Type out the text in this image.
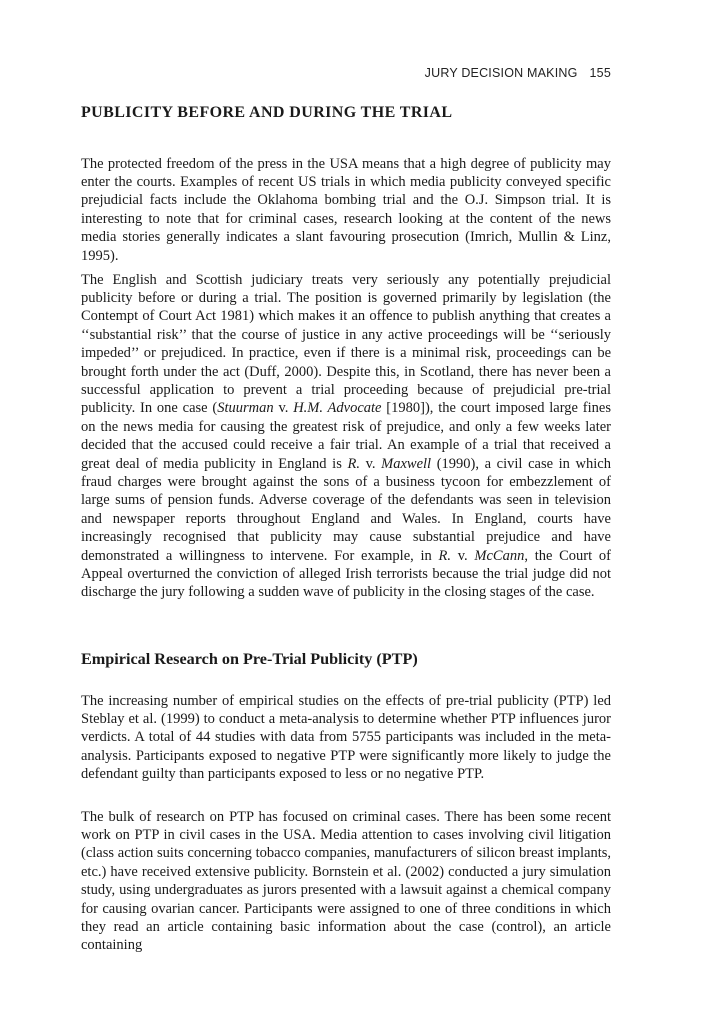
JURY DECISION MAKING 155
PUBLICITY BEFORE AND DURING THE TRIAL

The protected freedom of the press in the USA means that a high degree of publicity may enter the courts. Examples of recent US trials in which media publicity conveyed specific prejudicial facts include the Oklahoma bombing trial and the O.J. Simpson trial. It is interesting to note that for criminal cases, research looking at the content of the news media stories generally indicates a slant favouring prosecution (Imrich, Mullin & Linz, 1995).

The English and Scottish judiciary treats very seriously any potentially prejudicial publicity before or during a trial. The position is governed primarily by legislation (the Contempt of Court Act 1981) which makes it an offence to publish anything that creates a ‘‘substantial risk’’ that the course of justice in any active proceedings will be ‘‘seriously impeded’’ or prejudiced. In practice, even if there is a minimal risk, proceedings can be brought forth under the act (Duff, 2000). Despite this, in Scotland, there has never been a successful application to prevent a trial proceeding because of prejudicial pre-trial publicity. In one case (Stuurman v. H.M. Advocate [1980]), the court imposed large fines on the news media for causing the greatest risk of prejudice, and only a few weeks later decided that the accused could receive a fair trial. An example of a trial that received a great deal of media publicity in England is R. v. Maxwell (1990), a civil case in which fraud charges were brought against the sons of a business tycoon for embezzlement of large sums of pension funds. Adverse coverage of the defendants was seen in television and newspaper reports throughout England and Wales. In England, courts have increasingly recognised that publicity may cause substantial prejudice and have demonstrated a willingness to intervene. For example, in R. v. McCann, the Court of Appeal overturned the conviction of alleged Irish terrorists because the trial judge did not discharge the jury following a sudden wave of publicity in the closing stages of the case.

Empirical Research on Pre-Trial Publicity (PTP)

The increasing number of empirical studies on the effects of pre-trial publicity (PTP) led Steblay et al. (1999) to conduct a meta-analysis to determine whether PTP influences juror verdicts. A total of 44 studies with data from 5755 participants was included in the meta-analysis. Participants exposed to negative PTP were significantly more likely to judge the defendant guilty than participants exposed to less or no negative PTP.

The bulk of research on PTP has focused on criminal cases. There has been some recent work on PTP in civil cases in the USA. Media attention to cases involving civil litigation (class action suits concerning tobacco companies, manufacturers of silicon breast implants, etc.) have received extensive publicity. Bornstein et al. (2002) conducted a jury simulation study, using undergraduates as jurors presented with a lawsuit against a chemical company for causing ovarian cancer. Participants were assigned to one of three conditions in which they read an article containing basic information about the case (control), an article containing
